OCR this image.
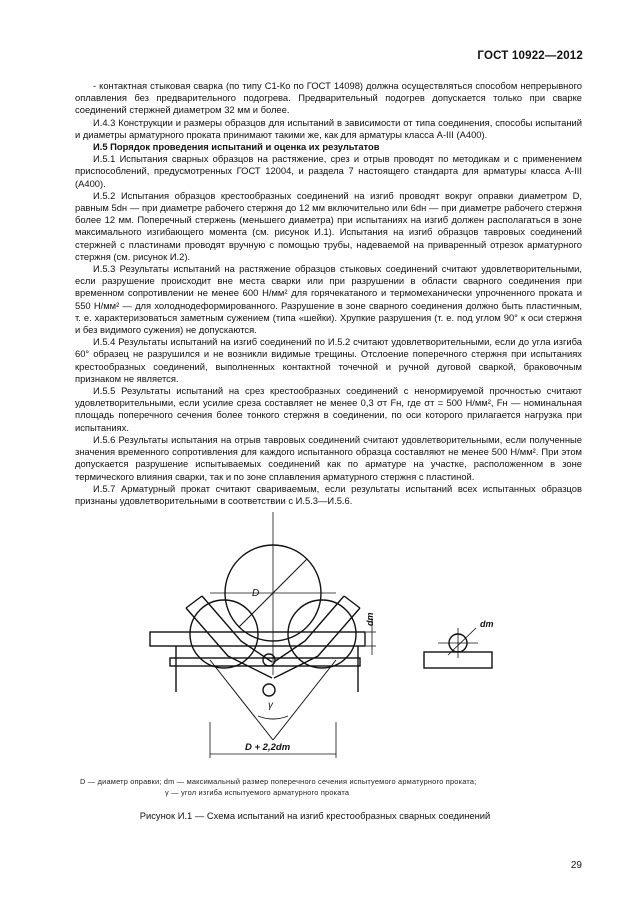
ГОСТ 10922—2012

- контактная стыковая сварка (по типу С1-Ко по ГОСТ 14098) должна осуществляться способом непрерывного оплавления без предварительного подогрева. Предварительный подогрев допускается только при сварке соединений стержней диаметром 32 мм и более.

И.4.3 Конструкции и размеры образцов для испытаний в зависимости от типа соединения, способы испытаний и диаметры арматурного проката принимают такими же, как для арматуры класса А-III (А400).

И.5 Порядок проведения испытаний и оценка их результатов

И.5.1 Испытания сварных образцов на растяжение, срез и отрыв проводят по методикам и с применением приспособлений, предусмотренных ГОСТ 12004, и раздела 7 настоящего стандарта для арматуры класса А-III (А400).

И.5.2 Испытания образцов крестообразных соединений на изгиб проводят вокруг оправки диаметром D, равным 5dн — при диаметре рабочего стержня до 12 мм включительно или 6dн — при диаметре рабочего стержня более 12 мм. Поперечный стержень (меньшего диаметра) при испытаниях на изгиб должен располагаться в зоне максимального изгибающего момента (см. рисунок И.1). Испытания на изгиб образцов тавровых соединений стержней с пластинами проводят вручную с помощью трубы, надеваемой на приваренный отрезок арматурного стержня (см. рисунок И.2).

И.5.3 Результаты испытаний на растяжение образцов стыковых соединений считают удовлетворительными, если разрушение происходит вне места сварки или при разрушении в области сварного соединения при временном сопротивлении не менее 600 Н/мм² для горячекатаного и термомеханически упрочненного проката и 550 Н/мм² — для холоднодеформированного. Разрушение в зоне сварного соединения должно быть пластичным, т. е. характеризоваться заметным сужением (типа «шейки). Хрупкие разрушения (т. е. под углом 90° к оси стержня и без видимого сужения) не допускаются.

И.5.4 Результаты испытаний на изгиб соединений по И.5.2 считают удовлетворительными, если до угла изгиба 60° образец не разрушился и не возникли видимые трещины. Отслоение поперечного стержня при испытаниях крестообразных соединений, выполненных контактной точечной и ручной дуговой сваркой, браковочным признаком не является.

И.5.5 Результаты испытаний на срез крестообразных соединений с ненормируемой прочностью считают удовлетворительными, если усилие среза составляет не менее 0,3 σт Fн, где σт = 500 Н/мм², Fн — номинальная площадь поперечного сечения более тонкого стержня в соединении, по оси которого прилагается нагрузка при испытаниях.

И.5.6 Результаты испытания на отрыв тавровых соединений считают удовлетворительными, если полученные значения временного сопротивления для каждого испытанного образца составляют не менее 500 Н/мм². При этом допускается разрушение испытываемых соединений как по арматуре на участке, расположенном в зоне термического влияния сварки, так и по зоне сплавления арматурного стержня с пластиной.

И.5.7 Арматурный прокат считают свариваемым, если результаты испытаний всех испытанных образцов признаны удовлетворительными в соответствии с И.5.3—И.5.6.

D
γ
D + 2,2dm
dm	dm
D — диаметр оправки; dm — максимальный размер поперечного сечения испытуемого арматурного проката;
γ — угол изгиба испытуемого арматурного проката
Рисунок И.1 — Схема испытаний на изгиб крестообразных сварных соединений
29
